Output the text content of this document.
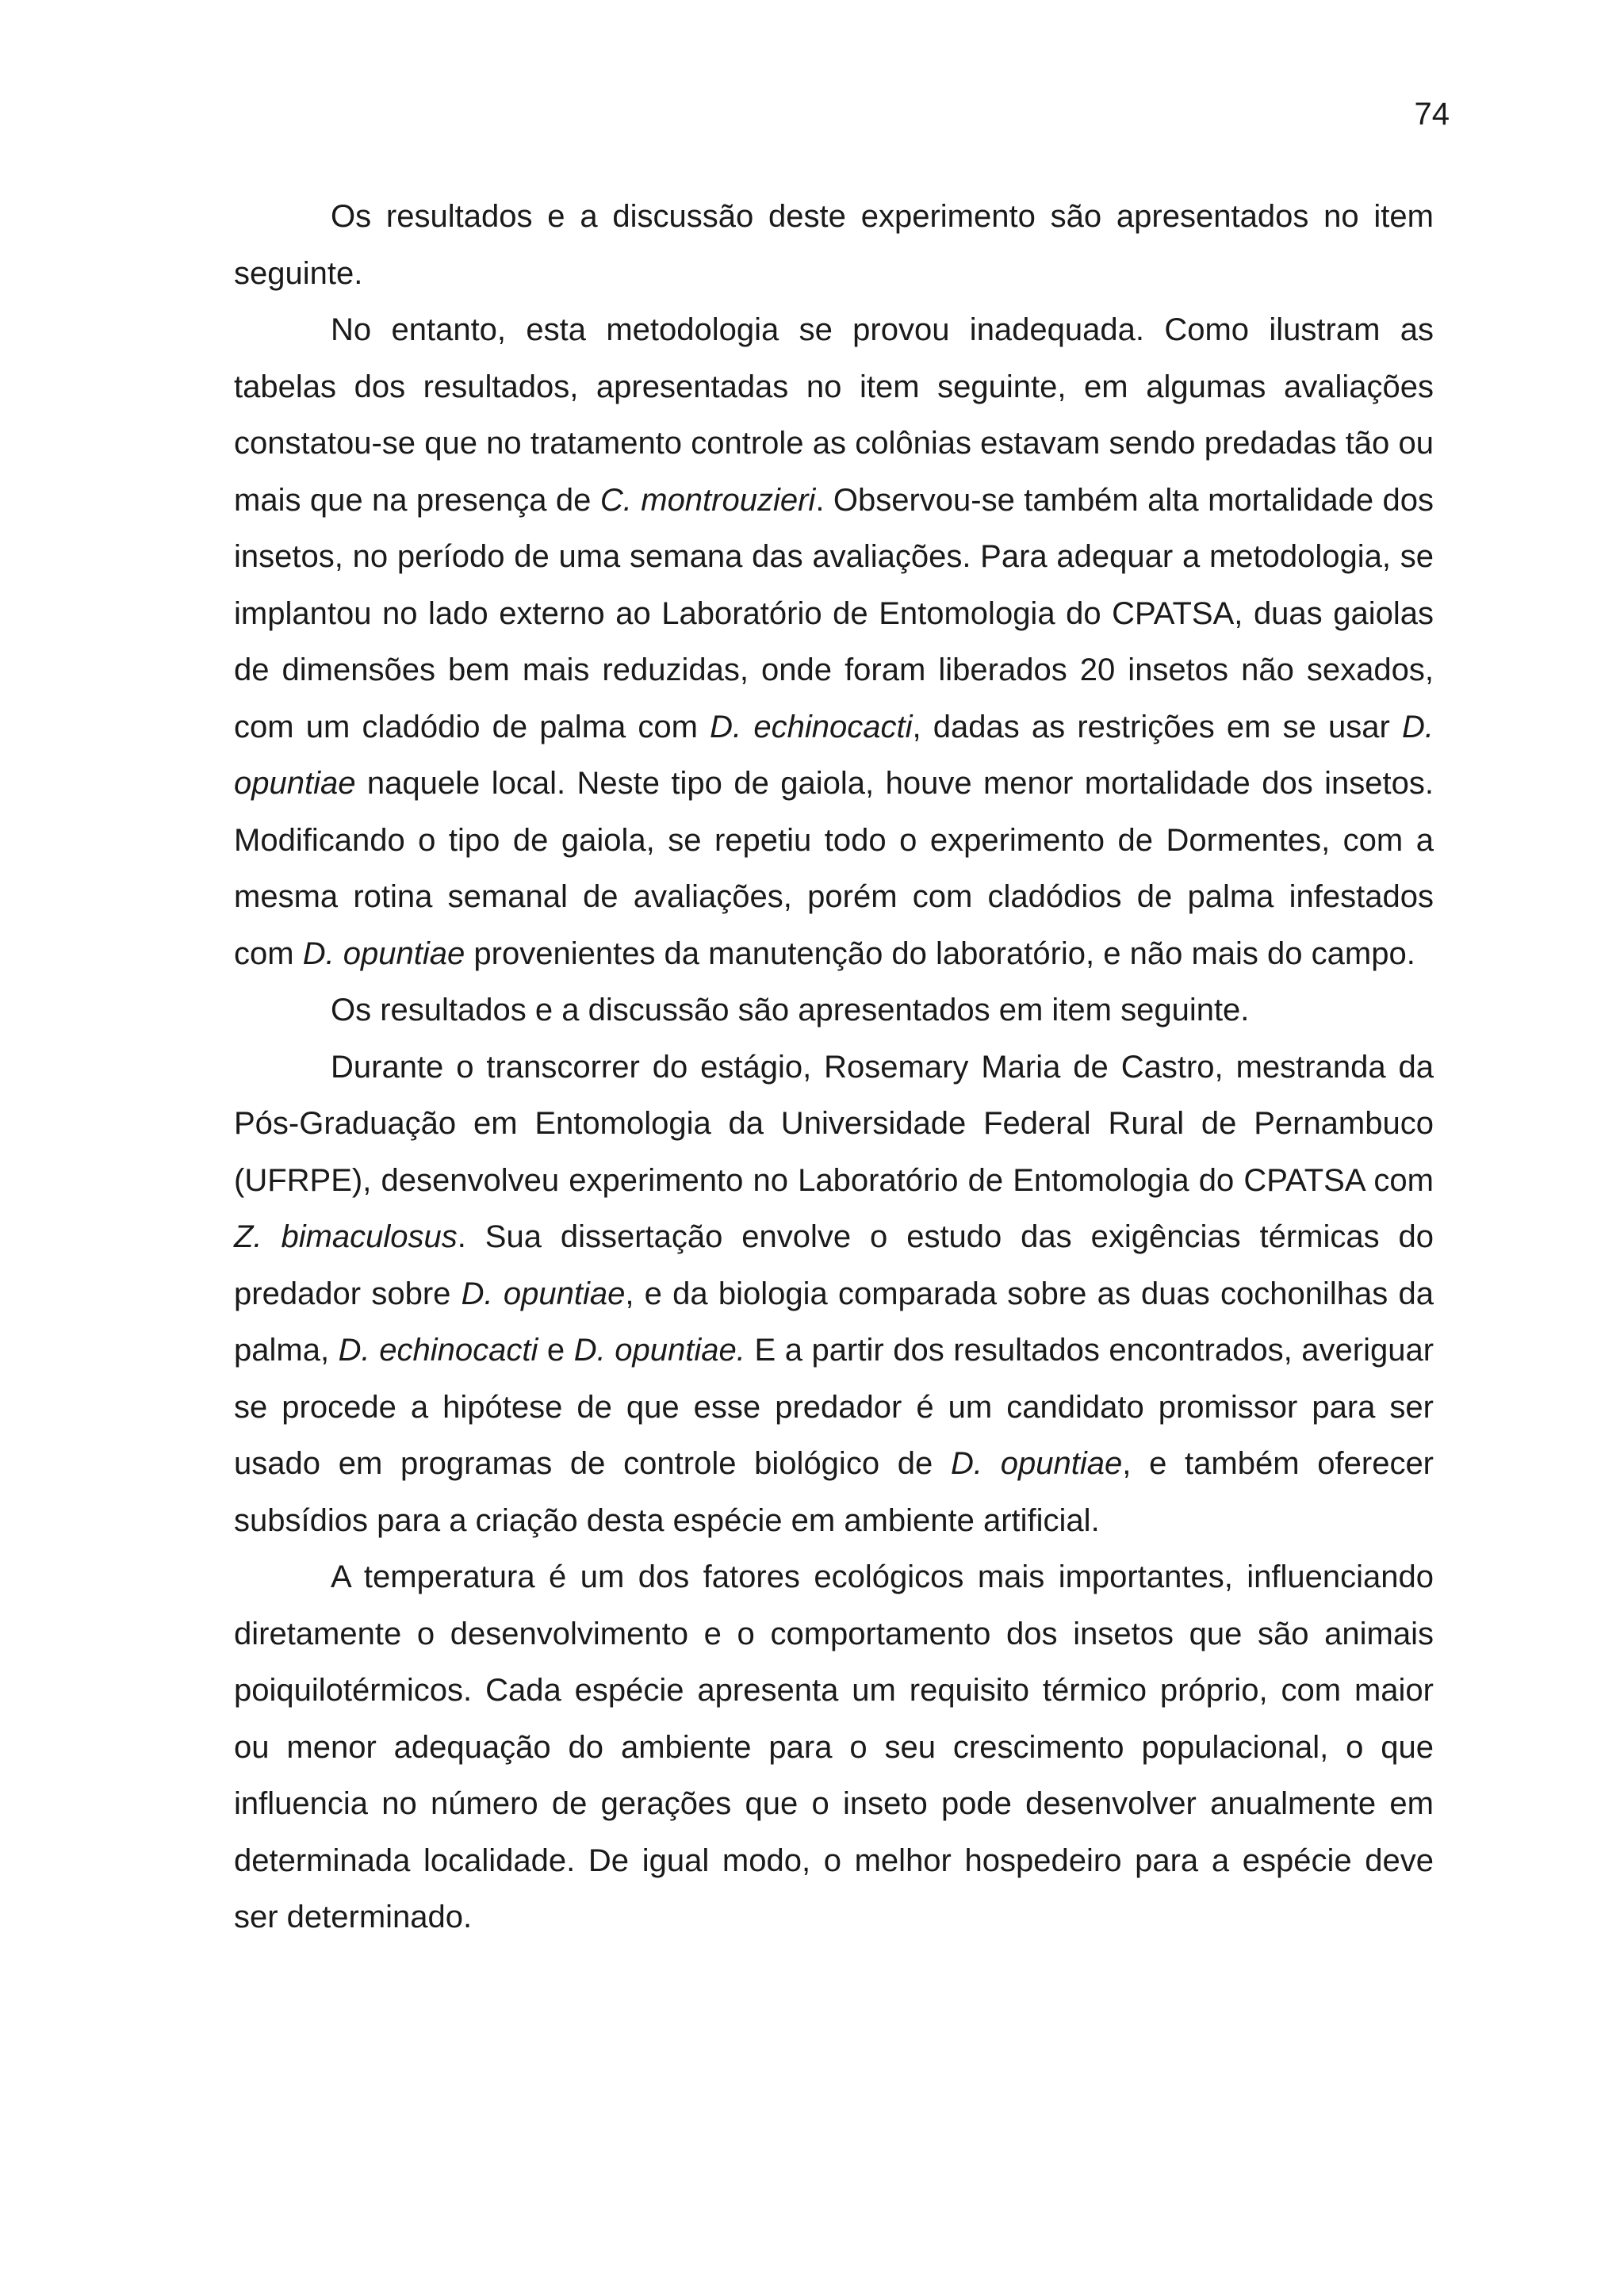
74

Os resultados e a discussão deste experimento são apresentados no item seguinte.

No entanto, esta metodologia se provou inadequada. Como ilustram as tabelas dos resultados, apresentadas no item seguinte, em algumas avaliações constatou-se que no tratamento controle as colônias estavam sendo predadas tão ou mais que na presença de C. montrouzieri. Observou-se também alta mortalidade dos insetos, no período de uma semana das avaliações. Para adequar a metodologia, se implantou no lado externo ao Laboratório de Entomologia do CPATSA, duas gaiolas de dimensões bem mais reduzidas, onde foram liberados 20 insetos não sexados, com um cladódio de palma com D. echinocacti, dadas as restrições em se usar D. opuntiae naquele local. Neste tipo de gaiola, houve menor mortalidade dos insetos. Modificando o tipo de gaiola, se repetiu todo o experimento de Dormentes, com a mesma rotina semanal de avaliações, porém com cladódios de palma infestados com D. opuntiae provenientes da manutenção do laboratório, e não mais do campo.

Os resultados e a discussão são apresentados em item seguinte.

Durante o transcorrer do estágio, Rosemary Maria de Castro, mestranda da Pós-Graduação em Entomologia da Universidade Federal Rural de Pernambuco (UFRPE), desenvolveu experimento no Laboratório de Entomologia do CPATSA com Z. bimaculosus. Sua dissertação envolve o estudo das exigências térmicas do predador sobre D. opuntiae, e da biologia comparada sobre as duas cochonilhas da palma, D. echinocacti e D. opuntiae. E a partir dos resultados encontrados, averiguar se procede a hipótese de que esse predador é um candidato promissor para ser usado em programas de controle biológico de D. opuntiae, e também oferecer subsídios para a criação desta espécie em ambiente artificial.

A temperatura é um dos fatores ecológicos mais importantes, influenciando diretamente o desenvolvimento e o comportamento dos insetos que são animais poiquilotérmicos. Cada espécie apresenta um requisito térmico próprio, com maior ou menor adequação do ambiente para o seu crescimento populacional, o que influencia no número de gerações que o inseto pode desenvolver anualmente em determinada localidade. De igual modo, o melhor hospedeiro para a espécie deve ser determinado.
